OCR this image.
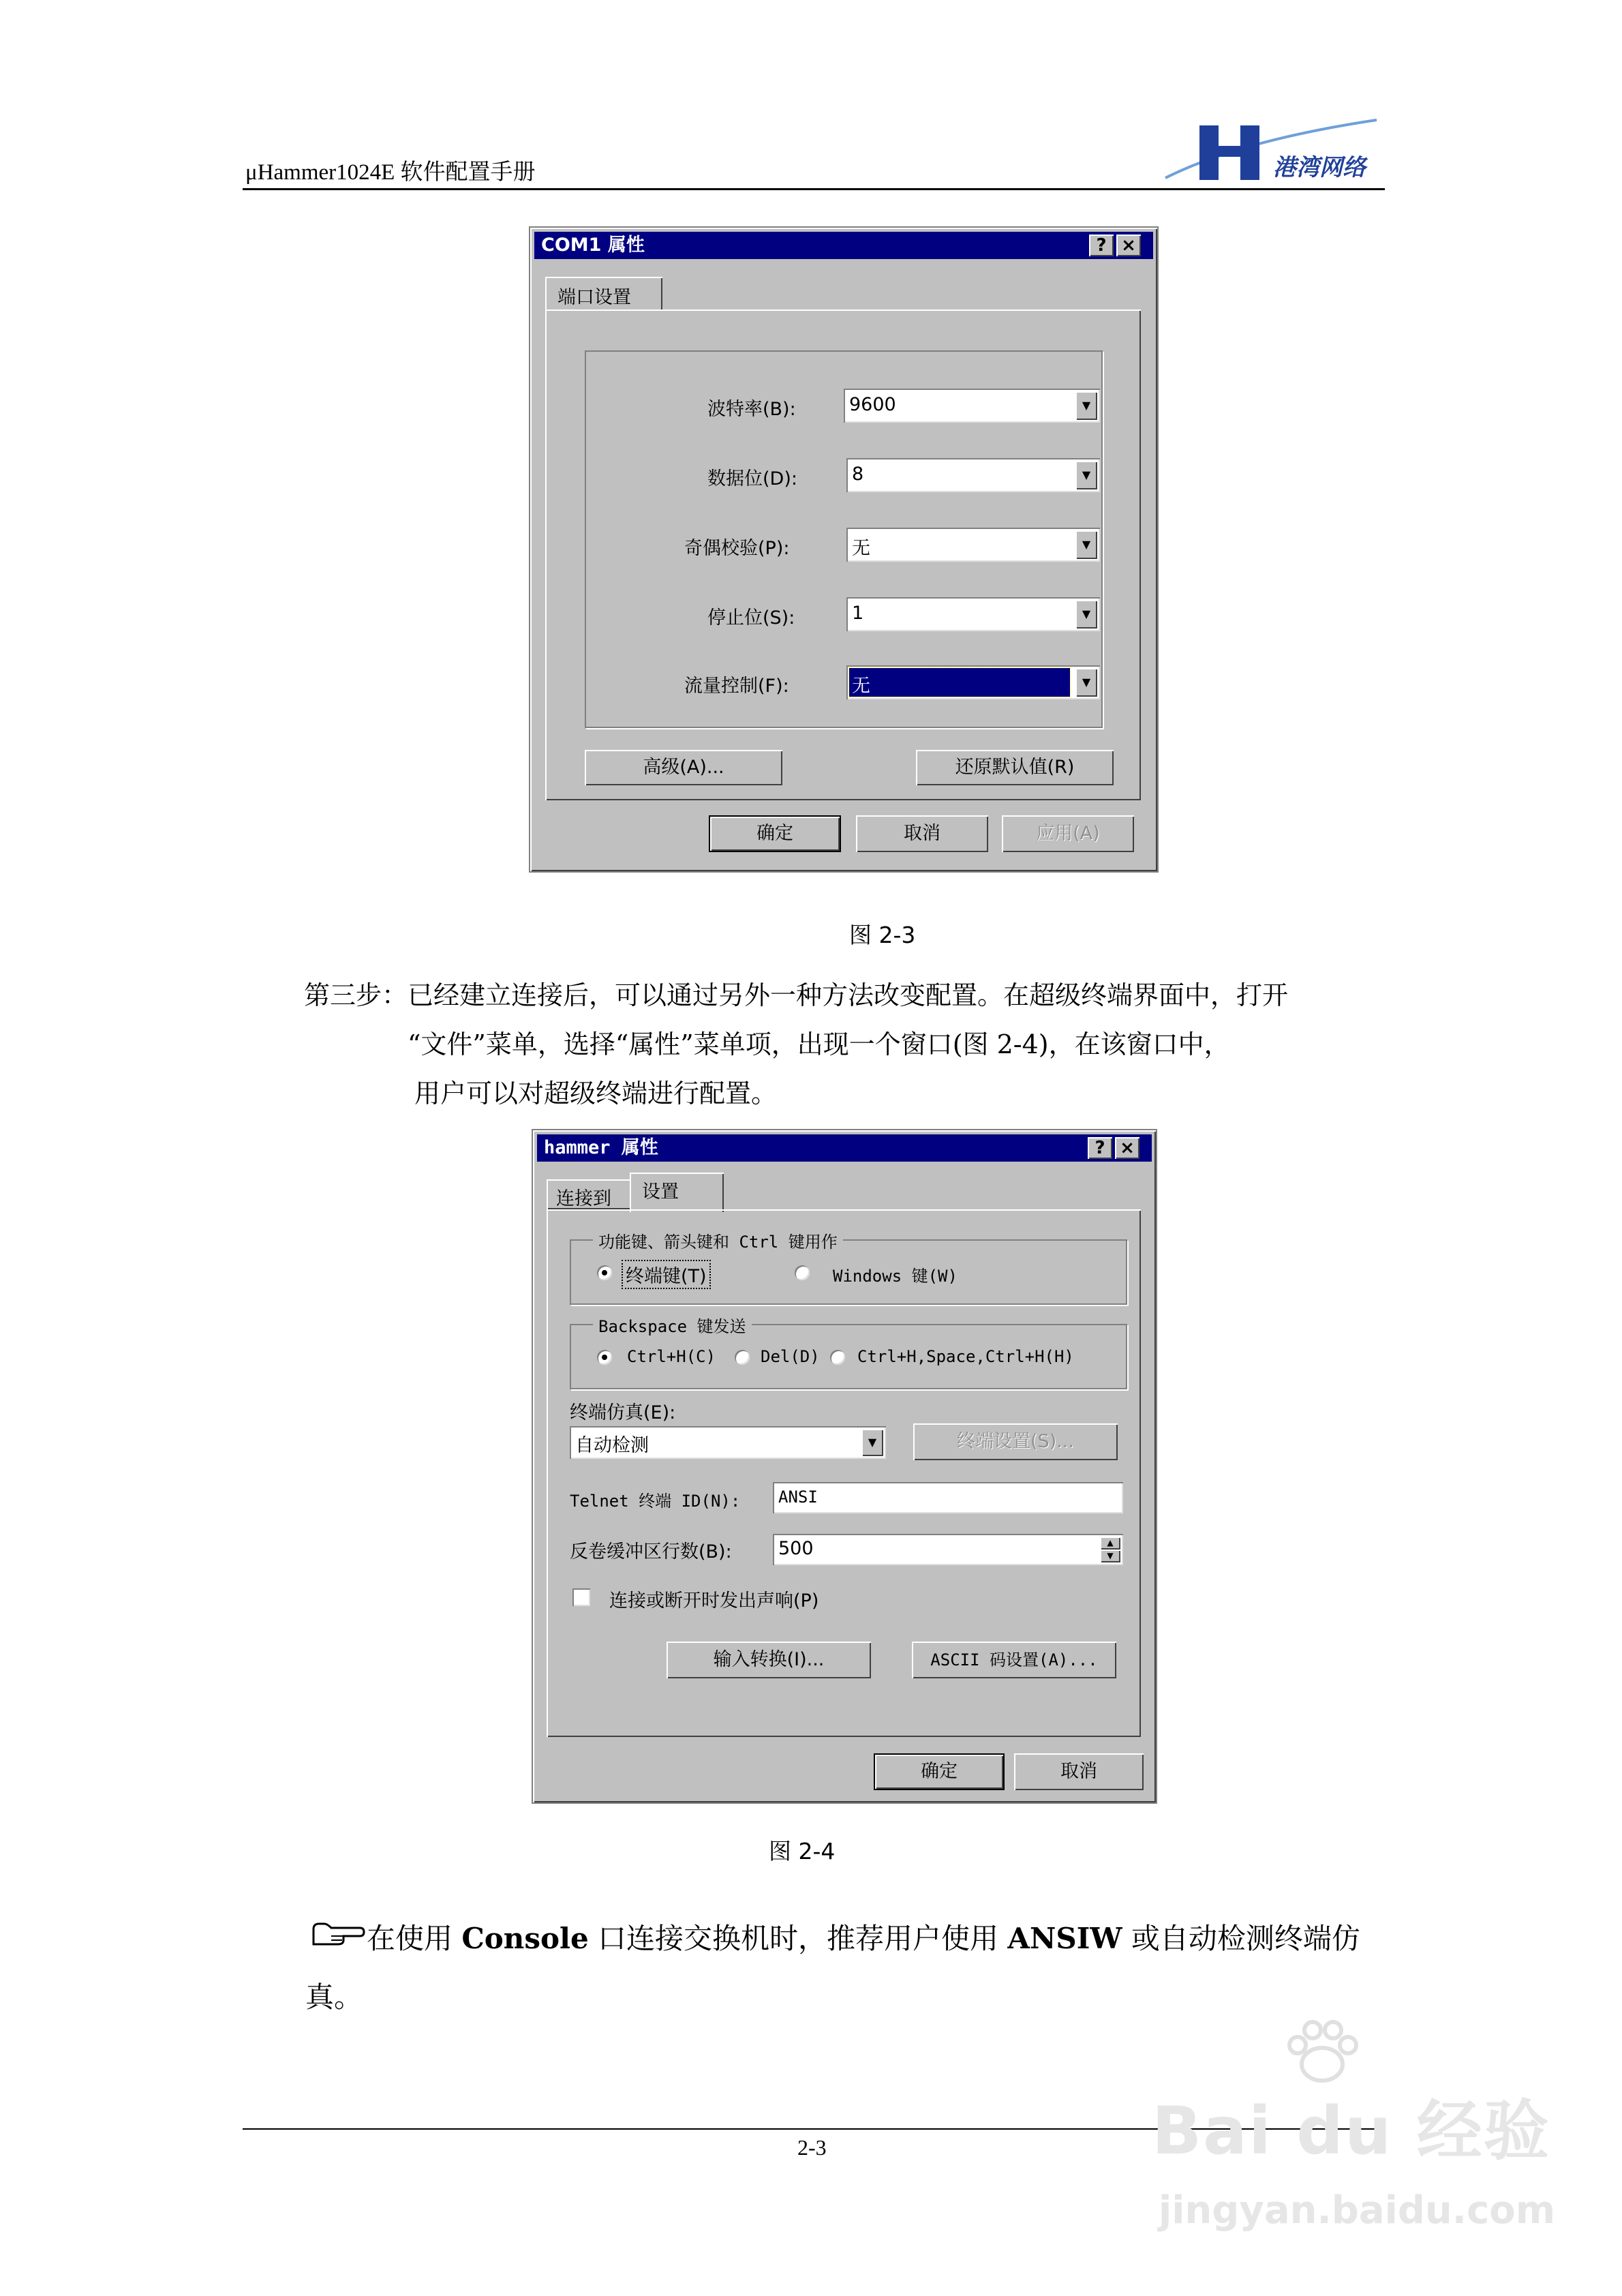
μHammer1024E 软件配置手册	港湾网络
COM1 属性	? ×
端口设置
波特率(B):	9600	▼
数据位(D):	8	▼
奇偶校验(P):	无	▼
停止位(S):	1	▼
流量控制(F):	无	▼
高级(A)...	还原默认值(R)
确定	取消	应用(A)
图 2-3
第三步：已经建立连接后，可以通过另外一种方法改变配置。在超级终端界面中，打开
“文件”菜单，选择“属性”菜单项，出现一个窗口(图 2-4)，在该窗口中，
用户可以对超级终端进行配置。
hammer 属性	? ×
连接到 设置
功能键、箭头键和 Ctrl 键用作
终端键(T)	Windows 键(W)
Backspace 键发送
Ctrl+H(C)	Del(D) Ctrl+H,Space,Ctrl+H(H)
终端仿真(E):
自动检测	▼	终端设置(S)...
Telnet 终端 ID(N): ANSI
反卷缓冲区行数(B):	500	▲
▼
连接或断开时发出声响(P)
输入转换(I)...	ASCII 码设置(A)...
确定	取消
图 2-4
在使用 Console 口连接交换机时，推荐用户使用 ANSIW 或自动检测终端仿
真。
2-3	Bai du 经验
jingyan.baidu.com
